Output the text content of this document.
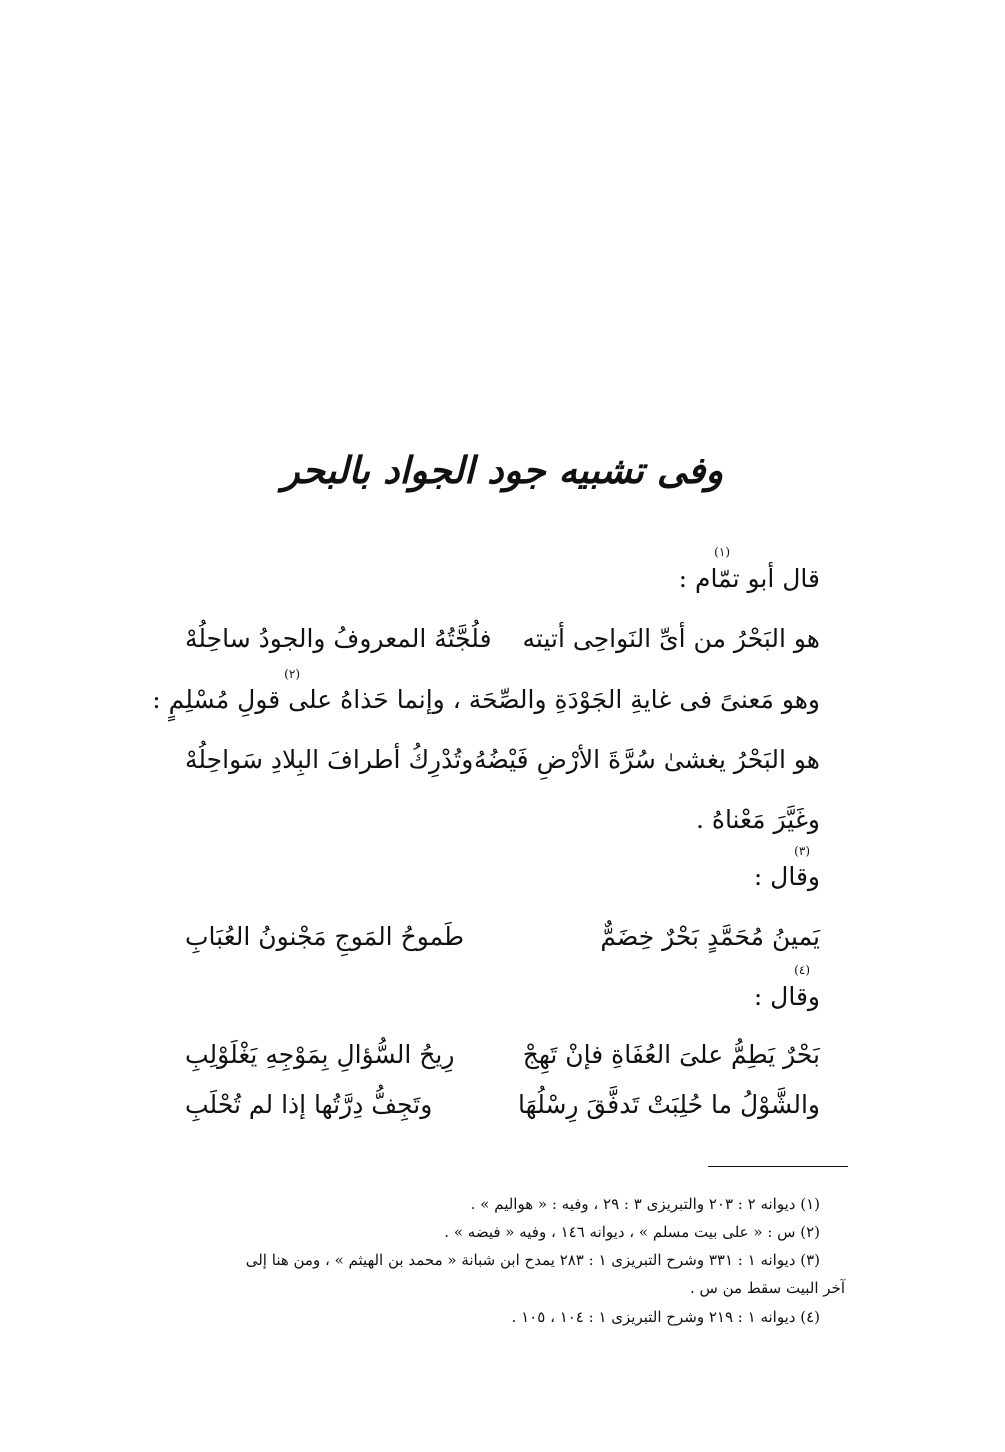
وفى تشبيه جود الجواد بالبحر
(١)
قال أبو تمّام :
هو البَحْرُ من أىِّ النَواحِى أتيته
فلُجَّتُهُ المعروفُ والجودُ ساحِلُهْ
(٢)
وهو مَعنىً فى غايةِ الجَوْدَةِ والصِّحَة ، وإنما حَذاهُ على قولِ مُسْلِمٍ :
هو البَحْرُ يغشىٰ سُرَّةَ الأرْضِ فَيْضُهُ
وتُدْرِكُ أطرافَ البِلادِ سَواحِلُهْ
وغَيَّرَ مَعْناهُ .
(٣)
وقال :
يَمينُ مُحَمَّدٍ بَحْرٌ خِضَمٌّ
طَموحُ المَوجِ مَجْنونُ العُبَابِ
(٤)
وقال :
بَحْرٌ يَطِمُّ علىَ العُفَاةِ فإنْ تَهِجْ
رِيحُ السُّؤالِ بِمَوْجِهِ يَغْلَوْلِبِ
والشَّوْلُ ما حُلِبَتْ تَدفَّقَ رِسْلُهَا
وتَجِفُّ دِرَّتُها إذا لم تُحْلَبِ
(١) ديوانه ٢ : ٢٠٣ والتبريزى ٣ : ٢٩ ، وفيه : « هواليم » .
(٢) س : « على بيت مسلم » ، ديوانه ١٤٦ ، وفيه « فيضه » .
(٣) ديوانه ١ : ٣٣١ وشرح التبريزى ١ : ٢٨٣ يمدح ابن شبانة « محمد بن الهيثم » ، ومن هنا إلى
آخر البيت سقط من س .
(٤) ديوانه ١ : ٢١٩ وشرح التبريزى ١ : ١٠٤ ، ١٠٥ .
